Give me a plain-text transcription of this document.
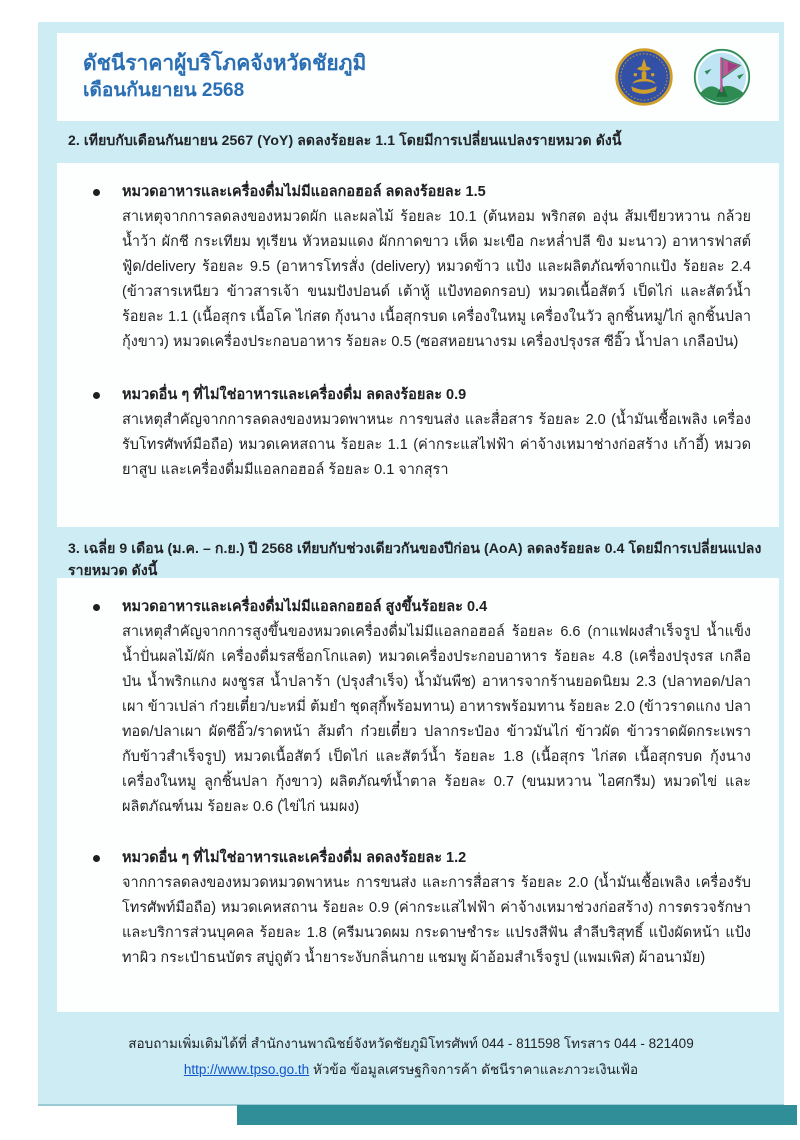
ดัชนีราคาผู้บริโภคจังหวัดชัยภูมิ
เดือนกันยายน 2568
2. เทียบกับเดือนกันยายน 2567 (YoY) ลดลงร้อยละ 1.1 โดยมีการเปลี่ยนแปลงรายหมวด ดังนี้
หมวดอาหารและเครื่องดื่มไม่มีแอลกอฮอล์ ลดลงร้อยละ 1.5
สาเหตุจากการลดลงของหมวดผัก และผลไม้ ร้อยละ 10.1 (ต้นหอม พริกสด องุ่น ส้มเขียวหวาน กล้วยน้ำว้า ผักชี กระเทียม ทุเรียน หัวหอมแดง ผักกาดขาว เห็ด มะเขือ กะหล่ำปลี ขิง มะนาว) อาหารฟาสต์ฟู้ด/delivery ร้อยละ 9.5 (อาหารโทรสั่ง (delivery) หมวดข้าว แป้ง และผลิตภัณฑ์จากแป้ง ร้อยละ 2.4 (ข้าวสารเหนียว ข้าวสารเจ้า ขนมปังปอนด์ เต้าหู้ แป้งทอดกรอบ) หมวดเนื้อสัตว์ เป็ดไก่ และสัตว์น้ำ ร้อยละ 1.1 (เนื้อสุกร เนื้อโค ไก่สด กุ้งนาง เนื้อสุกรบด เครื่องในหมู เครื่องในวัว ลูกชิ้นหมู/ไก่ ลูกชิ้นปลา กุ้งขาว) หมวดเครื่องประกอบอาหาร ร้อยละ 0.5 (ซอสหอยนางรม เครื่องปรุงรส ซีอิ๊ว น้ำปลา เกลือป่น)
หมวดอื่น ๆ ที่ไม่ใช่อาหารและเครื่องดื่ม ลดลงร้อยละ 0.9
สาเหตุสำคัญจากการลดลงของหมวดพาหนะ การขนส่ง และสื่อสาร ร้อยละ 2.0 (น้ำมันเชื้อเพลิง เครื่องรับโทรศัพท์มือถือ) หมวดเคหสถาน ร้อยละ 1.1 (ค่ากระแสไฟฟ้า ค่าจ้างเหมาช่างก่อสร้าง เก้าอี้) หมวดยาสูบ และเครื่องดื่มมีแอลกอฮอล์ ร้อยละ 0.1 จากสุรา
3. เฉลี่ย 9 เดือน (ม.ค. – ก.ย.) ปี 2568 เทียบกับช่วงเดียวกันของปีก่อน (AoA) ลดลงร้อยละ 0.4 โดยมีการเปลี่ยนแปลงรายหมวด ดังนี้
หมวดอาหารและเครื่องดื่มไม่มีแอลกอฮอล์ สูงขึ้นร้อยละ 0.4
สาเหตุสำคัญจากการสูงขึ้นของหมวดเครื่องดื่มไม่มีแอลกอฮอล์ ร้อยละ 6.6 (กาแฟผงสำเร็จรูป น้ำแข็ง น้ำปั่นผลไม้/ผัก เครื่องดื่มรสช็อกโกแลต) หมวดเครื่องประกอบอาหาร ร้อยละ 4.8 (เครื่องปรุงรส เกลือป่น น้ำพริกแกง ผงชูรส น้ำปลาร้า (ปรุงสำเร็จ) น้ำมันพืช) อาหารจากร้านยอดนิยม 2.3 (ปลาทอด/ปลาเผา ข้าวเปล่า ก๋วยเตี๋ยว/บะหมี่ ต้มยำ ชุดสุกี้พร้อมทาน) อาหารพร้อมทาน ร้อยละ 2.0 (ข้าวราดแกง ปลาทอด/ปลาเผา ผัดซีอิ๊ว/ราดหน้า ส้มตำ ก๋วยเตี๋ยว ปลากระป๋อง ข้าวมันไก่ ข้าวผัด ข้าวราดผัดกระเพรา กับข้าวสำเร็จรูป) หมวดเนื้อสัตว์ เป็ดไก่ และสัตว์น้ำ ร้อยละ 1.8 (เนื้อสุกร ไก่สด เนื้อสุกรบด กุ้งนาง เครื่องในหมู ลูกชิ้นปลา กุ้งขาว) ผลิตภัณฑ์น้ำตาล ร้อยละ 0.7 (ขนมหวาน ไอศกรีม) หมวดไข่ และผลิตภัณฑ์นม ร้อยละ 0.6 (ไข่ไก่ นมผง)
หมวดอื่น ๆ ที่ไม่ใช่อาหารและเครื่องดื่ม ลดลงร้อยละ 1.2
จากการลดลงของหมวดหมวดพาหนะ การขนส่ง และการสื่อสาร ร้อยละ 2.0 (น้ำมันเชื้อเพลิง เครื่องรับโทรศัพท์มือถือ) หมวดเคหสถาน ร้อยละ 0.9 (ค่ากระแสไฟฟ้า ค่าจ้างเหมาช่วงก่อสร้าง) การตรวจรักษาและบริการส่วนบุคคล ร้อยละ 1.8 (ครีมนวดผม กระดาษชำระ แปรงสีฟัน สำลีบริสุทธิ์ แป้งผัดหน้า แป้งทาผิว กระเป๋าธนบัตร สบู่ถูตัว น้ำยาระงับกลิ่นกาย แชมพู ผ้าอ้อมสำเร็จรูป (แพมเพิส) ผ้าอนามัย)
สอบถามเพิ่มเติมได้ที่ สำนักงานพาณิชย์จังหวัดชัยภูมิโทรศัพท์ 044 - 811598 โทรสาร 044 - 821409
http://www.tpso.go.th หัวข้อ ข้อมูลเศรษฐกิจการค้า ดัชนีราคาและภาวะเงินเฟ้อ
